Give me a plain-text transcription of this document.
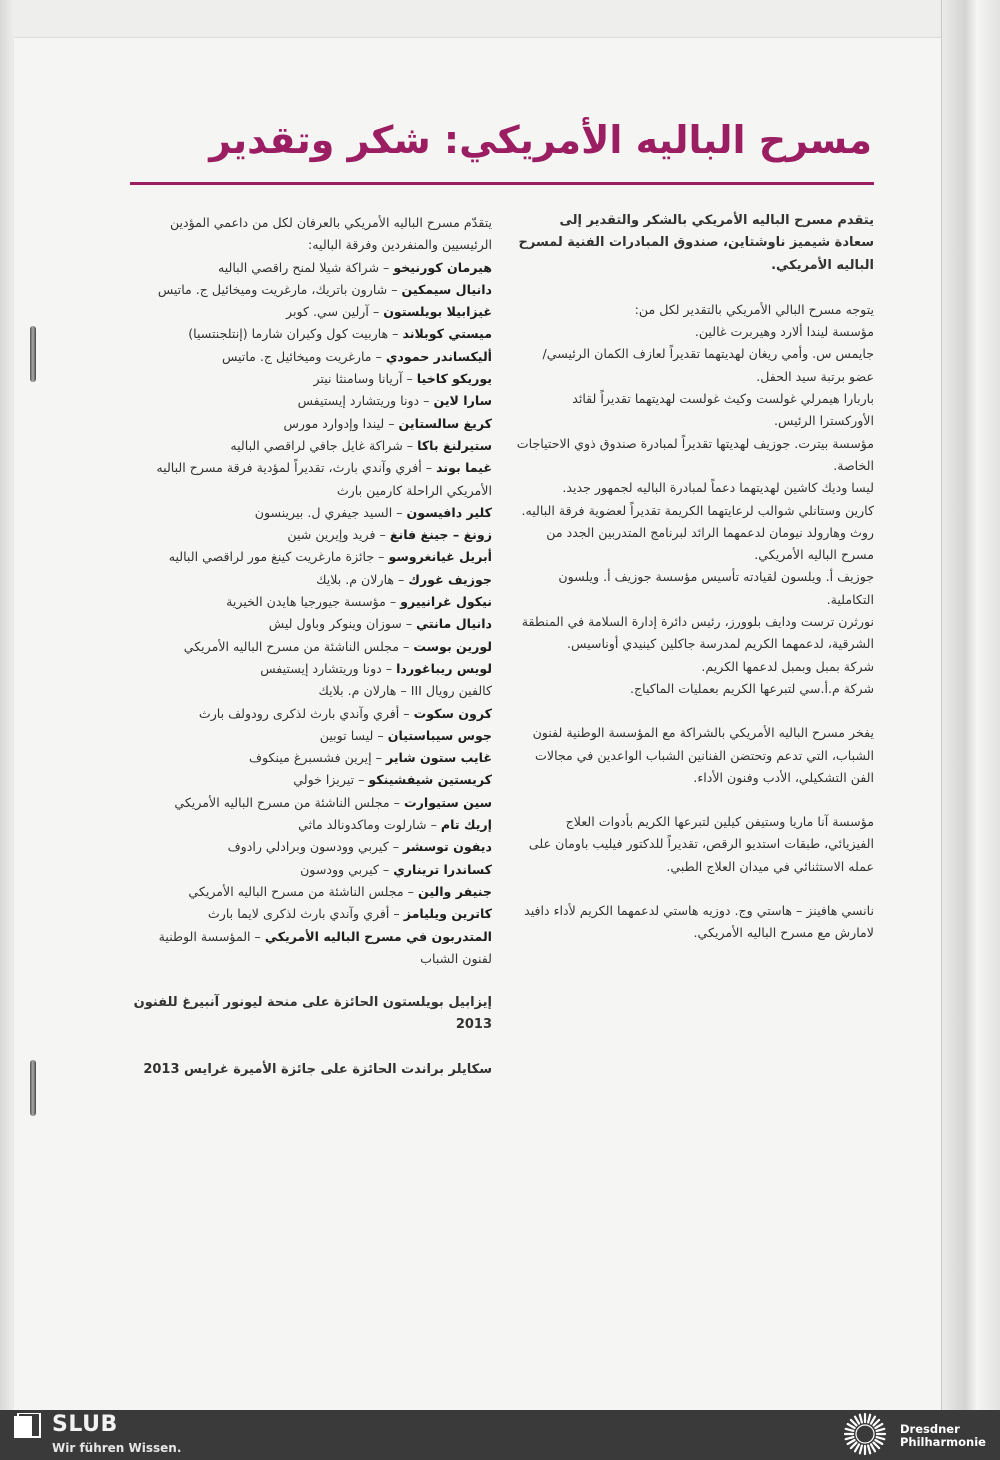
مسرح الباليه الأمريكي: شكر وتقدير

يتقدم مسرح الباليه الأمريكي بالشكر والتقدير إلى سعادة شيميز ناوشتاين، صندوق المبادرات الفنية لمسرح الباليه الأمريكي.

يتوجه مسرح البالي الأمريكي بالتقدير لكل من:

مؤسسة ليندا ألارد وهيربرت غالين.

جايمس س. وأمي ريغان لهديتهما تقديراً لعازف الكمان الرئيسي/ عضو برتبة سيد الحفل.

باربارا هيمرلي غولست وكيث غولست لهديتهما تقديراً لقائد الأوركسترا الرئيس.

مؤسسة بيترت. جوزيف لهديتها تقديراً لمبادرة صندوق ذوي الاحتياجات الخاصة.

ليسا وديك كاشين لهديتهما دعماً لمبادرة الباليه لجمهور جديد.

كارين وستانلي شوالب لرعايتهما الكريمة تقديراً لعضوية فرقة الباليه.

روث وهارولد نيومان لدعمهما الرائد لبرنامج المتدربين الجدد من مسرح الباليه الأمريكي.

جوزيف أ. ويلسون لقيادته تأسيس مؤسسة جوزيف أ. ويلسون التكاملية.

نورثرن ترست ودايف بلوورز، رئيس دائرة إدارة السلامة في المنطقة الشرقية، لدعمهما الكريم لمدرسة جاكلين كينيدي أوناسيس.

شركة بمبل وبمبل لدعمها الكريم.

شركة م.أ.سي لتبرعها الكريم بعمليات الماكياج.

يفخر مسرح الباليه الأمريكي بالشراكة مع المؤسسة الوطنية لفنون الشباب، التي تدعم وتحتضن الفنانين الشباب الواعدين في مجالات الفن التشكيلي، الأدب وفنون الأداء.

مؤسسة آنا ماريا وستيفن كيلين لتبرعها الكريم بأدوات العلاج الفيزيائي، طبقات استديو الرقص، تقديراً للدكتور فيليب باومان على عمله الاستثنائي في ميدان العلاج الطبي.

نانسي هافينز – هاستي وج. دوزيه هاستي لدعمهما الكريم لأداء دافيد لامارش مع مسرح الباليه الأمريكي.

يتقدّم مسرح الباليه الأمريكي بالعرفان لكل من داعمي المؤدين الرئيسيين والمنفردين وفرقة الباليه:

هيرمان كورنيخو – شراكة شيلا لمنح راقصي الباليه
دانيال سيمكين – شارون باتريك، مارغريت وميخائيل ج. ماتيس
غيزابيلا بويلستون – آرلين سي. كوبر
ميستي كوبلاند – هاربيت كول وكيران شارما (إنتلجنتسيا)
أليكساندر حمودي – مارغريت وميخائيل ج. ماتيس
يوريكو كاخيا – آريانا وسامنثا نيتر
سارا لاين – دونا وريتشارد إيستيفس
كريغ سالستاين – ليندا وإدوارد مورس
ستيرلنغ باكا – شراكة غايل جافي لراقصي الباليه
غيما بوند – أفري وآندي بارث، تقديراً لمؤدية فرقة مسرح الباليه الأمريكي الراحلة كارمين بارث
كلير دافيسون – السيد جيفري ل. بيرينسون
زونغ – جينغ فانغ – فريد وإيرين شين
أبريل غيانغروسو – جائزة مارغريت كينغ مور لراقصي الباليه
جوزيف غورك – هارلان م. بلايك
نيكول غرانييرو – مؤسسة جيورجيا هايدن الخيرية
دانيال مانتي – سوزان وينوكر وباول ليش
لورين بوست – مجلس الناشئة من مسرح الباليه الأمريكي
لويس ريباغوردا – دونا وريتشارد إيستيفس
كالفين رويال III – هارلان م. بلايك
كرون سكوت – أفري وآندي بارث لذكرى رودولف بارث
جوس سيباستيان – ليسا توبين
غايب ستون شاير – إيرين فشسبرغ مينكوف
كريستين شيفشينكو – تيريزا خولي
سين ستيوارت – مجلس الناشئة من مسرح الباليه الأمريكي
إريك تام – شارلوت وماكدونالد ماثي
ديفون توسشر – كيربي وودسون وبرادلي رادوف
كساندرا تريناري – كيربي وودسون
جنيفر والين – مجلس الناشئة من مسرح الباليه الأمريكي
كاترين ويليامز – أفري وآندي بارث لذكرى لايما بارث
المتدربون في مسرح الباليه الأمريكي – المؤسسة الوطنية لفنون الشباب

إيزابيل بويلستون الحائزة على منحة ليونور آنبيرغ للفنون 2013

سكايلر براندت الحائزة على جائزة الأميرة غرايس 2013

SLUB
Wir führen Wissen.
Dresdner
Philharmonie
